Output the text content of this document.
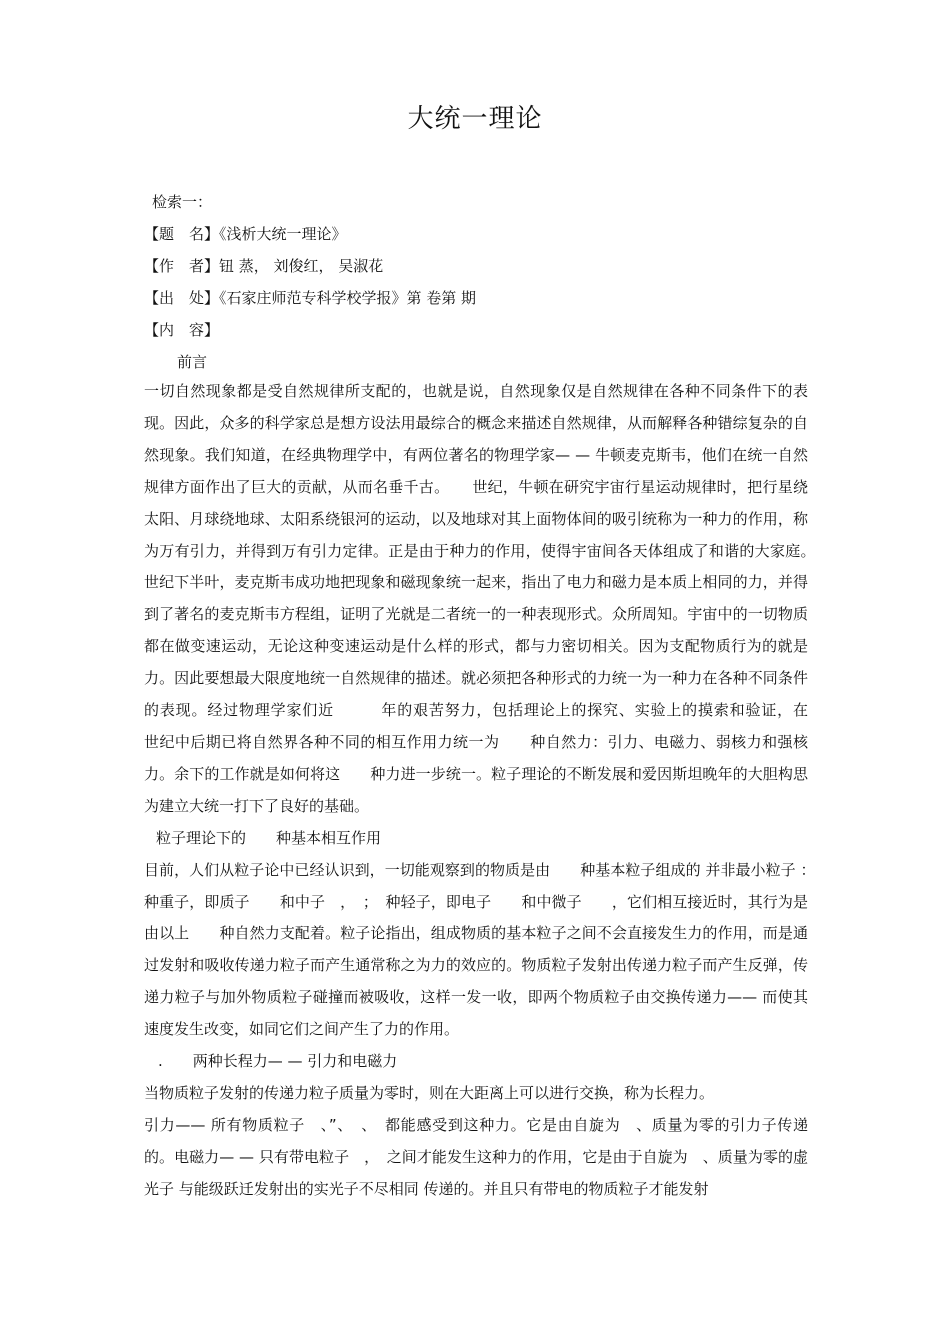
大统一理论
检索一：
【题　名】《浅析大统一理论》
【作　者】钮 蒸， 刘俊红， 吴淑花
【出　处】《石家庄师范专科学校学报》第 卷第 期
【内　容】
前言

一切自然现象都是受自然规律所支配的，也就是说，自然现象仅是自然规律在各种不同条件下的表现。因此，众多的科学家总是想方设法用最综合的概念来描述自然规律，从而解释各种错综复杂的自然现象。我们知道，在经典物理学中，有两位著名的物理学家— — 牛顿麦克斯韦，他们在统一自然规律方面作出了巨大的贡献，从而名垂千古。　　世纪，牛顿在研究宇宙行星运动规律时，把行星绕太阳、月球绕地球、太阳系绕银河的运动，以及地球对其上面物体间的吸引统称为一种力的作用，称为万有引力，并得到万有引力定律。正是由于种力的作用，使得宇宙间各天体组成了和谐的大家庭。　　世纪下半叶，麦克斯韦成功地把现象和磁现象统一起来，指出了电力和磁力是本质上相同的力，并得到了著名的麦克斯韦方程组，证明了光就是二者统一的一种表现形式。众所周知。宇宙中的一切物质都在做变速运动，无论这种变速运动是什么样的形式，都与力密切相关。因为支配物质行为的就是力。因此要想最大限度地统一自然规律的描述。就必须把各种形式的力统一为一种力在各种不同条件的表现。经过物理学家们近　　　年的艰苦努力，包括理论上的探究、实验上的摸索和验证，在　　世纪中后期已将自然界各种不同的相互作用力统一为　　种自然力：引力、电磁力、弱核力和强核力。余下的工作就是如何将这　　种力进一步统一。粒子理论的不断发展和爱因斯坦晚年的大胆构思为建立大统一打下了良好的基础。

粒子理论下的　　种基本相互作用

目前，人们从粒子论中已经认识到，一切能观察到的物质是由　　种基本粒子组成的 并非最小粒子 ：　种重子，即质子　　和中子　，　；　种轻子，即电子　　和中微子　　，它们相互接近时，其行为是由以上　　种自然力支配着。粒子论指出，组成物质的基本粒子之间不会直接发生力的作用，而是通过发射和吸收传递力粒子而产生通常称之为力的效应的。物质粒子发射出传递力粒子而产生反弹，传递力粒子与加外物质粒子碰撞而被吸收，这样一发一收，即两个物质粒子由交换传递力—— 而使其速度发生改变，如同它们之间产生了力的作用。

.　　两种长程力— — 引力和电磁力

当物质粒子发射的传递力粒子质量为零时，则在大距离上可以进行交换，称为长程力。

引力—— 所有物质粒子　、”、　、　都能感受到这种力。它是由自旋为　、质量为零的引力子传递的。电磁力— — 只有带电粒子　，　之间才能发生这种力的作用，它是由于自旋为　、质量为零的虚光子 与能级跃迁发射出的实光子不尽相同 传递的。并且只有带电的物质粒子才能发射
